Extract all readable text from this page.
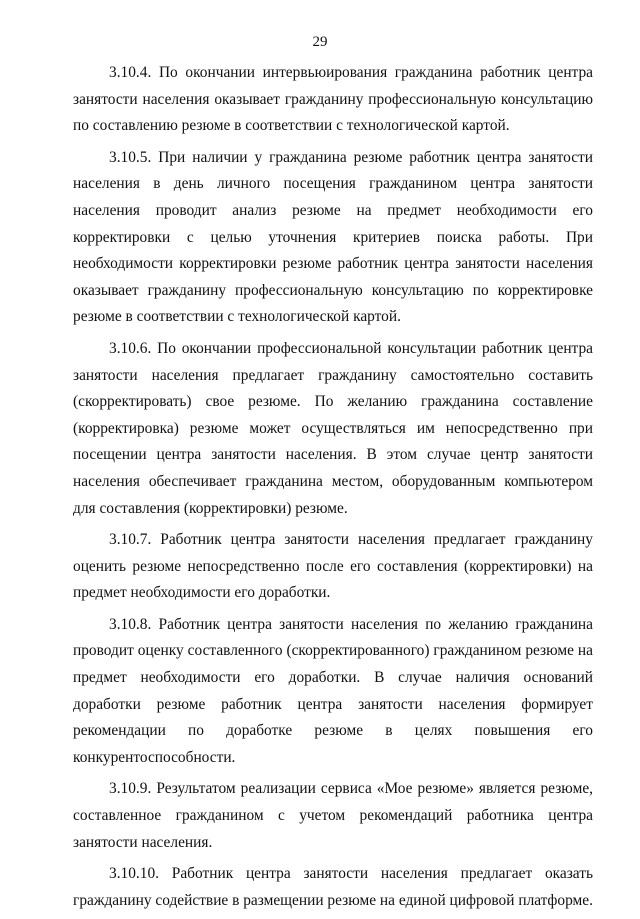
29

3.10.4. По окончании интервьюирования гражданина работник центра занятости населения оказывает гражданину профессиональную консультацию по составлению резюме в соответствии с технологической картой.

3.10.5. При наличии у гражданина резюме работник центра занятости населения в день личного посещения гражданином центра занятости населения проводит анализ резюме на предмет необходимости его корректировки с целью уточнения критериев поиска работы. При необходимости корректировки резюме работник центра занятости населения оказывает гражданину профессиональную консультацию по корректировке резюме в соответствии с технологической картой.

3.10.6. По окончании профессиональной консультации работник центра занятости населения предлагает гражданину самостоятельно составить (скорректировать) свое резюме. По желанию гражданина составление (корректировка) резюме может осуществляться им непосредственно при посещении центра занятости населения. В этом случае центр занятости населения обеспечивает гражданина местом, оборудованным компьютером для составления (корректировки) резюме.

3.10.7. Работник центра занятости населения предлагает гражданину оценить резюме непосредственно после его составления (корректировки) на предмет необходимости его доработки.

3.10.8. Работник центра занятости населения по желанию гражданина проводит оценку составленного (скорректированного) гражданином резюме на предмет необходимости его доработки. В случае наличия оснований доработки резюме работник центра занятости населения формирует рекомендации по доработке резюме в целях повышения его конкурентоспособности.

3.10.9. Результатом реализации сервиса «Мое резюме» является резюме, составленное гражданином с учетом рекомендаций работника центра занятости населения.

3.10.10. Работник центра занятости населения предлагает оказать гражданину содействие в размещении резюме на единой цифровой платформе.
